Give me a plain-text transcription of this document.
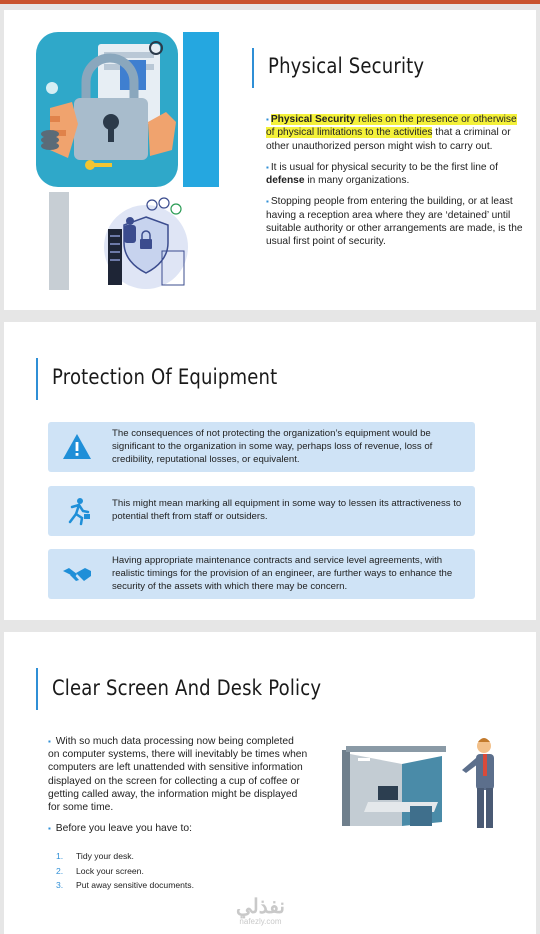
Physical Security

▪ Physical Security relies on the presence or otherwise of physical limitations to the activities that a criminal or other unauthorized person might wish to carry out.

▪ It is usual for physical security to be the first line of defense in many organizations.

▪ Stopping people from entering the building, or at least having a reception area where they are ‘detained’ until suitable authority or other arrangements are made, is the usual first point of security.

Protection Of Equipment
The consequences of not protecting the organization’s equipment would be significant to the organization in some way, perhaps loss of revenue, loss of credibility, reputational losses, or equivalent.
This might mean marking all equipment in some way to lessen its attractiveness to potential theft from staff or outsiders.
Having appropriate maintenance contracts and service level agreements, with realistic timings for the provision of an engineer, are further ways to enhance the security of the assets with which there may be concern.
Clear Screen And Desk Policy

▪ With so much data processing now being completed on computer systems, there will inevitably be times when computers are left unattended with sensitive information displayed on the screen for collecting a cup of coffee or getting called away, the information might be displayed for some time.

▪ Before you leave you have to:

1. Tidy your desk.
2. Lock your screen.
3. Put away sensitive documents.
نفذلي
nafezly.com
